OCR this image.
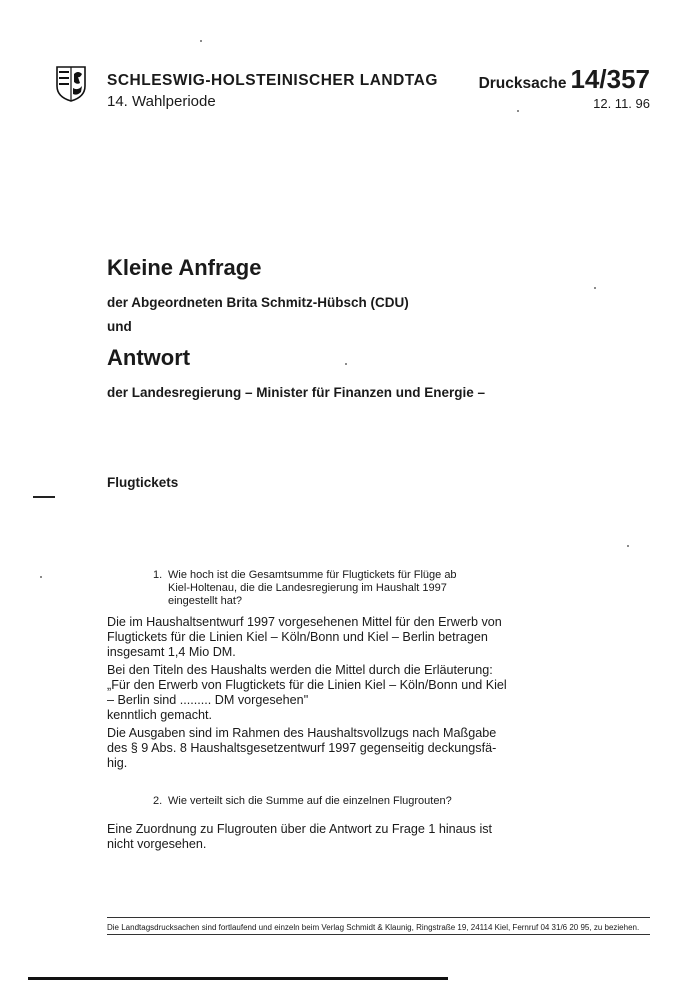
SCHLESWIG-HOLSTEINISCHER LANDTAG
14. Wahlperiode
Drucksache 14/357
12. 11. 96
Kleine Anfrage
der Abgeordneten Brita Schmitz-Hübsch (CDU)
und
Antwort
der Landesregierung – Minister für Finanzen und Energie –
Flugtickets
1. Wie hoch ist die Gesamtsumme für Flugtickets für Flüge ab Kiel-Holtenau, die die Landesregierung im Haushalt 1997 eingestellt hat?
Die im Haushaltsentwurf 1997 vorgesehenen Mittel für den Erwerb von
Flugtickets für die Linien Kiel – Köln/Bonn und Kiel – Berlin betragen
insgesamt 1,4 Mio DM.
Bei den Titeln des Haushalts werden die Mittel durch die Erläuterung:
„Für den Erwerb von Flugtickets für die Linien Kiel – Köln/Bonn und Kiel
– Berlin sind ......... DM vorgesehen"
kenntlich gemacht.
Die Ausgaben sind im Rahmen des Haushaltsvollzugs nach Maßgabe
des § 9 Abs. 8 Haushaltsgesetzentwurf 1997 gegenseitig deckungsfä-
hig.
2. Wie verteilt sich die Summe auf die einzelnen Flugrouten?
Eine Zuordnung zu Flugrouten über die Antwort zu Frage 1 hinaus ist
nicht vorgesehen.
Die Landtagsdrucksachen sind fortlaufend und einzeln beim Verlag Schmidt & Klaunig, Ringstraße 19, 24114 Kiel, Fernruf 04 31/6 20 95, zu beziehen.
